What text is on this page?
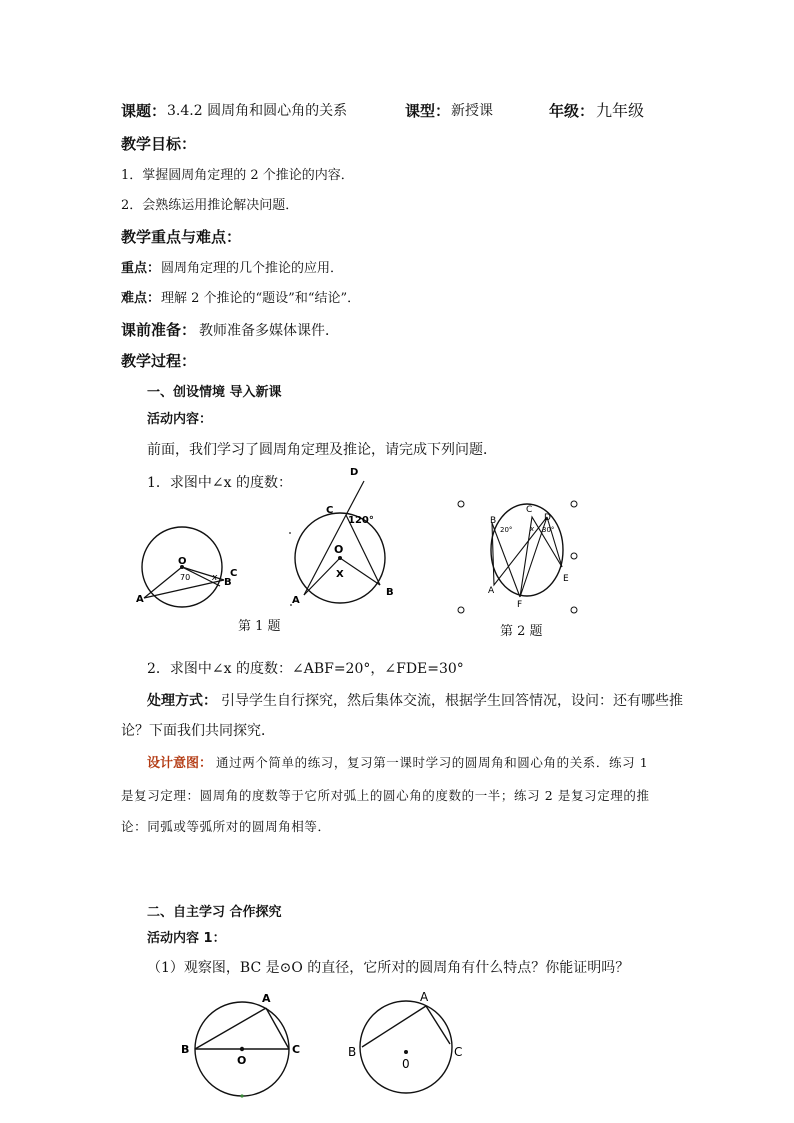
课题： 3.4.2 圆周角和圆心角的关系	课型： 新授课	年级： 九年级
教学目标：
1．掌握圆周角定理的 2 个推论的内容．
2．会熟练运用推论解决问题．
教学重点与难点：
重点： 圆周角定理的几个推论的应用．
难点： 理解 2 个推论的“题设”和“结论”．
课前准备： 教师准备多媒体课件．
教学过程：
一、创设情境 导入新课
活动内容：
前面，我们学习了圆周角定理及推论，请完成下列问题．
1．求图中∠x 的度数：
O
70
A
B
C
x
第 1 题
D
C
120°
O
X
A
B
B
20°
C
D
30°
x
A
E
F
第 2 题
2．求图中∠x 的度数：∠ABF=20°，∠FDE=30°
处理方式： 引导学生自行探究，然后集体交流，根据学生回答情况，设问：还有哪些推
论？下面我们共同探究．
设计意图： 通过两个简单的练习，复习第一课时学习的圆周角和圆心角的关系．练习 1
是复习定理：圆周角的度数等于它所对弧上的圆心角的度数的一半；练习 2 是复习定理的推
论：同弧或等弧所对的圆周角相等．
二、自主学习 合作探究
活动内容 1：
（1）观察图，BC 是⊙O 的直径，它所对的圆周角有什么特点？你能证明吗？
A
B	C
O
A
B	C
0
